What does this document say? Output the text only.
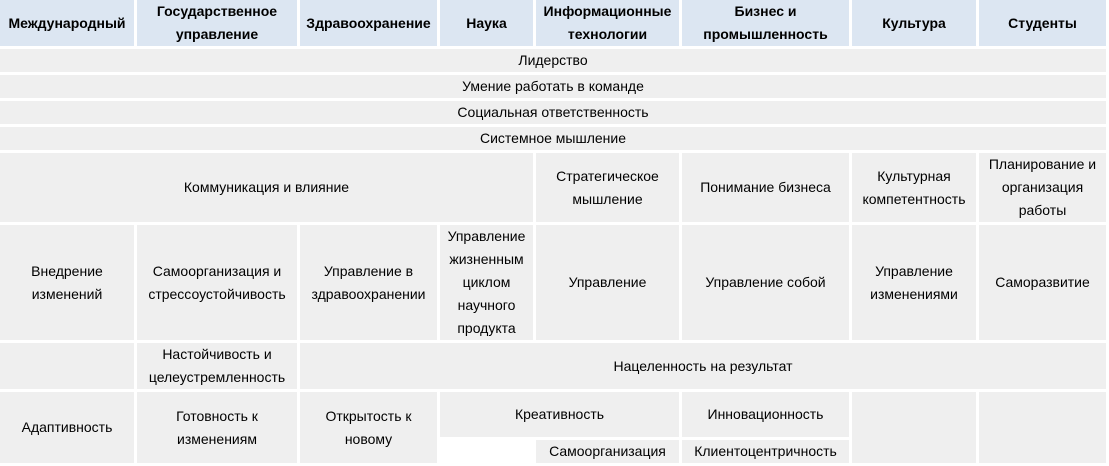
Международный	Государственное управление	Здравоохранение	Наука	Информационные технологии	Бизнес и промышленность	Культура	Студенты
Лидерство							
Умение работать в команде							
Социальная ответственность							
Системное мышление							
Коммуникация и влияние				Стратегическое мышление	Понимание бизнеса	Культурная компетентность	Планирование и организация работы
Внедрение изменений	Самоорганизация и стрессоустойчивость	Управление в здравоохранении	Управление жизненным циклом научного продукта	Управление	Управление собой	Управление изменениями	Саморазвитие
	Настойчивость и целеустремленность	Нацеленность на результат					
Адаптивность	Готовность к изменениям	Открытость к новому	Креативность		Инновационность		
				Самоорганизация	Клиентоцентричность		
